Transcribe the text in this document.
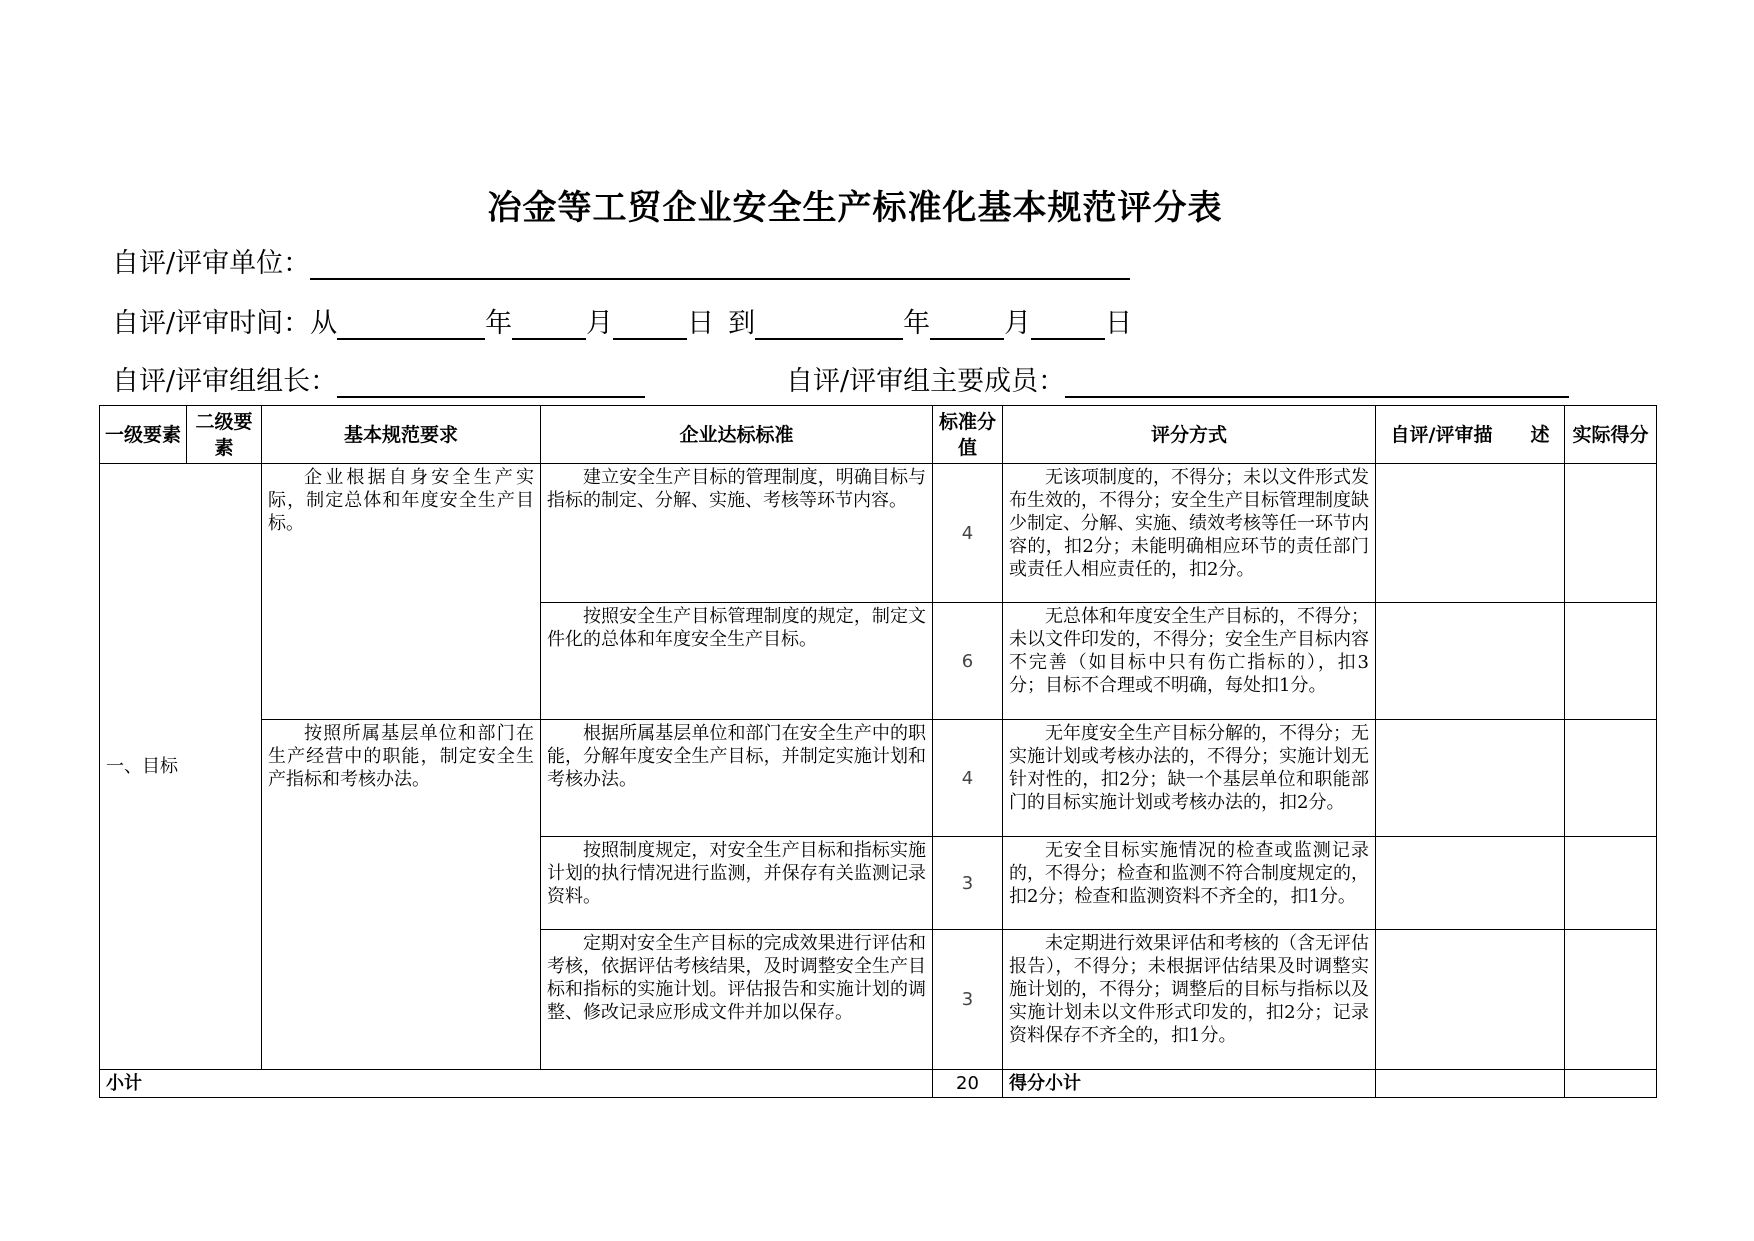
冶金等工贸企业安全生产标准化基本规范评分表
自评/评审单位：
自评/评审时间：从	年	月	日 到	年	月	日
自评/评审组组长：	自评/评审组主要成员：
一级要素	二级要素	基本规范要求	企业达标标准	标准分值	评分方式	自评/评审描　　述	实际得分
一、目标		企业根据自身安全生产实际，制定总体和年度安全生产目标。	建立安全生产目标的管理制度，明确目标与指标的制定、分解、实施、考核等环节内容。	4	无该项制度的，不得分；未以文件形式发布生效的，不得分；安全生产目标管理制度缺少制定、分解、实施、绩效考核等任一环节内容的，扣2分；未能明确相应环节的责任部门或责任人相应责任的，扣2分。		
			按照安全生产目标管理制度的规定，制定文件化的总体和年度安全生产目标。	6	无总体和年度安全生产目标的，不得分；未以文件印发的，不得分；安全生产目标内容不完善（如目标中只有伤亡指标的），扣3分；目标不合理或不明确，每处扣1分。		
		按照所属基层单位和部门在生产经营中的职能，制定安全生产指标和考核办法。	根据所属基层单位和部门在安全生产中的职能，分解年度安全生产目标，并制定实施计划和考核办法。	4	无年度安全生产目标分解的，不得分；无实施计划或考核办法的，不得分；实施计划无针对性的，扣2分；缺一个基层单位和职能部门的目标实施计划或考核办法的，扣2分。		
			按照制度规定，对安全生产目标和指标实施计划的执行情况进行监测，并保存有关监测记录资料。	3	无安全目标实施情况的检查或监测记录的，不得分；检查和监测不符合制度规定的，扣2分；检查和监测资料不齐全的，扣1分。		
			定期对安全生产目标的完成效果进行评估和考核，依据评估考核结果，及时调整安全生产目标和指标的实施计划。评估报告和实施计划的调整、修改记录应形成文件并加以保存。	3	未定期进行效果评估和考核的（含无评估报告），不得分；未根据评估结果及时调整实施计划的，不得分；调整后的目标与指标以及实施计划未以文件形式印发的，扣2分；记录资料保存不齐全的，扣1分。		
小计				20	得分小计		
